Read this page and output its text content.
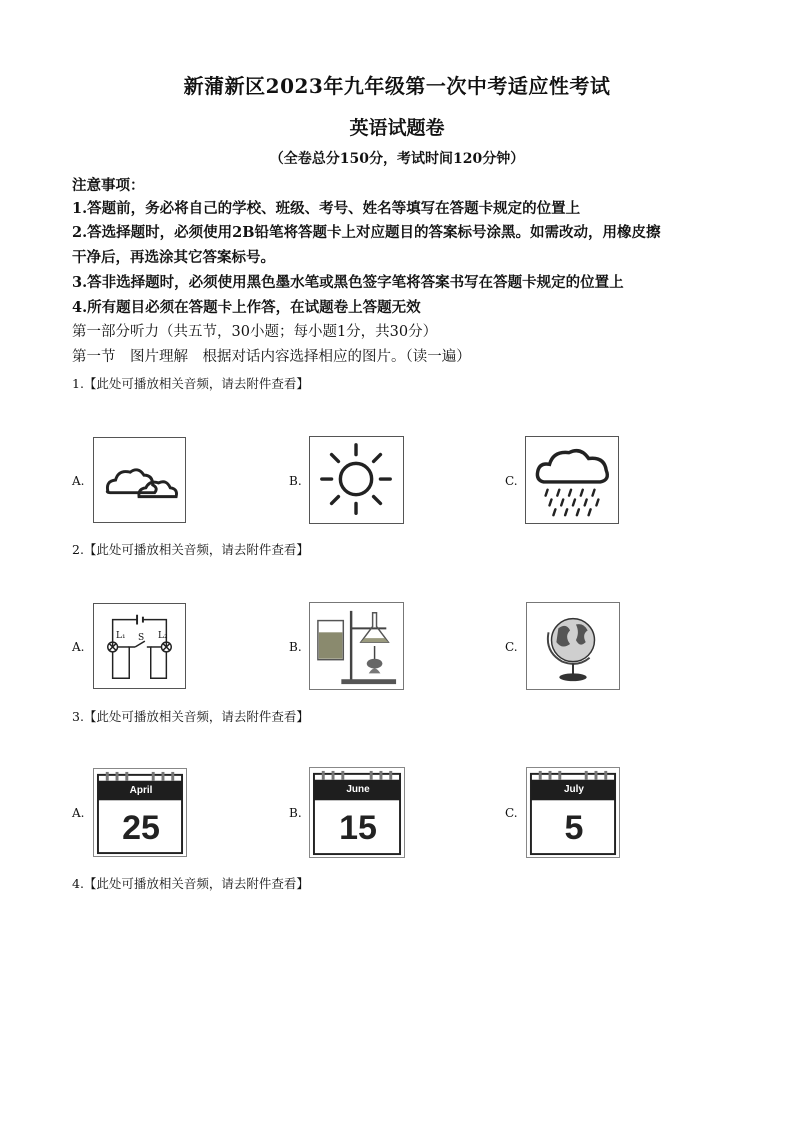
新蒲新区2023年九年级第一次中考适应性考试
英语试题卷
（全卷总分150分，考试时间120分钟）
注意事项：
1.答题前，务必将自己的学校、班级、考号、姓名等填写在答题卡规定的位置上
2.答选择题时，必须使用2B铅笔将答题卡上对应题目的答案标号涂黑。如需改动，用橡皮擦
干净后，再选涂其它答案标号。
3.答非选择题时，必须使用黑色墨水笔或黑色签字笔将答案书写在答题卡规定的位置上
4.所有题目必须在答题卡上作答，在试题卷上答题无效
第一部分听力（共五节，30小题；每小题1分，共30分）
第一节　图片理解　根据对话内容选择相应的图片。（读一遍）
1.【此处可播放相关音频，请去附件查看】
A.	B.	C.
2.【此处可播放相关音频，请去附件查看】
A.
L₁ S L₂
B.	C.
3.【此处可播放相关音频，请去附件查看】
A.
April
25	B.
June
15	C.
July
5
4.【此处可播放相关音频，请去附件查看】
